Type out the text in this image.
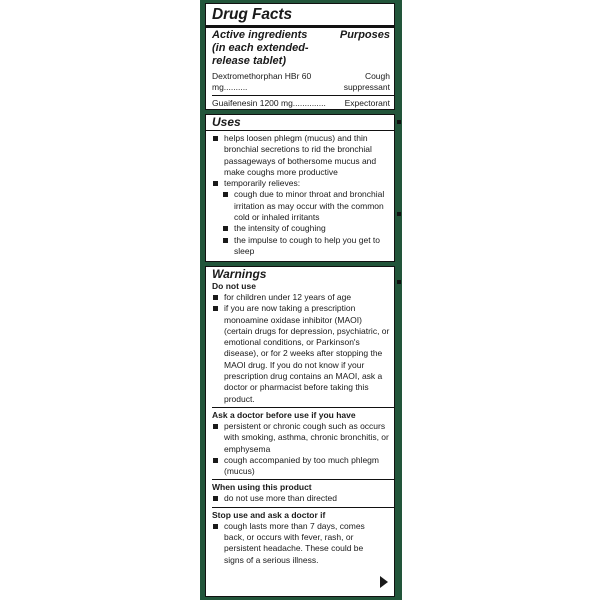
Drug Facts
Active ingredients (in each extended-release tablet)
Purposes
Dextromethorphan HBr 60 mg..........
Cough suppressant
Guaifenesin 1200 mg.............. Expectorant
Uses
helps loosen phlegm (mucus) and thin bronchial secretions to rid the bronchial passageways of bothersome mucus and make coughs more productive
temporarily relieves:
cough due to minor throat and bronchial irritation as may occur with the common cold or inhaled irritants
the intensity of coughing
the impulse to cough to help you get to sleep
Warnings
Do not use
for children under 12 years of age
if you are now taking a prescription monoamine oxidase inhibitor (MAOI) (certain drugs for depression, psychiatric, or emotional conditions, or Parkinson's disease), or for 2 weeks after stopping the MAOI drug. If you do not know if your prescription drug contains an MAOI, ask a doctor or pharmacist before taking this product.
Ask a doctor before use if you have
persistent or chronic cough such as occurs with smoking, asthma, chronic bronchitis, or emphysema
cough accompanied by too much phlegm (mucus)
When using this product
do not use more than directed
Stop use and ask a doctor if
cough lasts more than 7 days, comes back, or occurs with fever, rash, or persistent headache. These could be signs of a serious illness.
